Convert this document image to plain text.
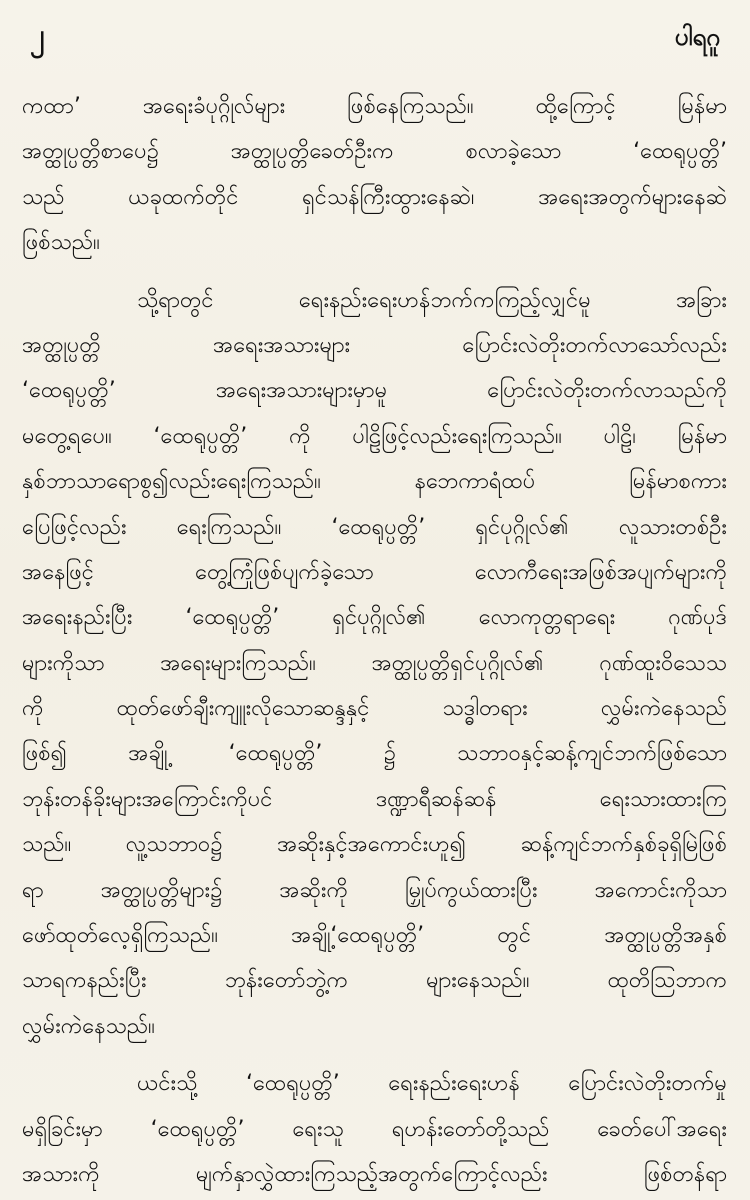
၂	ပါရဂူ
ကထာ’ အရေးခံပုဂ္ဂိုလ်များ ဖြစ်နေကြသည်။ ထို့ကြောင့် မြန်မာ
အတ္ထုပ္ပတ္တိစာပေ၌ အတ္ထုပ္ပတ္တိခေတ်ဦးက စလာခဲ့သော ‘ထေရုပ္ပတ္တိ’
သည် ယခုထက်တိုင် ရှင်သန်ကြီးထွားနေဆဲ၊ အရေးအတွက်များနေဆဲ
ဖြစ်သည်။
သို့ရာတွင် ရေးနည်းရေးဟန်ဘက်ကကြည့်လျှင်မူ အခြား
အတ္ထုပ္ပတ္တိ အရေးအသားများ ပြောင်းလဲတိုးတက်လာသော်လည်း
‘ထေရုပ္ပတ္တိ’ အရေးအသားများမှာမူ ပြောင်းလဲတိုးတက်လာသည်ကို
မတွေ့ရပေ။ ‘ထေရုပ္ပတ္တိ’ ကို ပါဠိဖြင့်လည်းရေးကြသည်။ ပါဠိ၊ မြန်မာ
နှစ်ဘာသာရောစွ၍လည်းရေးကြသည်။ နဘေကာရံထပ် မြန်မာစကား
ပြေဖြင့်လည်း ရေးကြသည်။ ‘ထေရုပ္ပတ္တိ’ ရှင်ပုဂ္ဂိုလ်၏ လူသားတစ်ဦး
အနေဖြင့် တွေ့ကြုံဖြစ်ပျက်ခဲ့သော လောကီရေးအဖြစ်အပျက်များကို
အရေးနည်းပြီး ‘ထေရုပ္ပတ္တိ’ ရှင်ပုဂ္ဂိုလ်၏ လောကုတ္တရာရေး ဂုဏ်ပုဒ်
များကိုသာ အရေးများကြသည်။ အတ္ထုပ္ပတ္တိရှင်ပုဂ္ဂိုလ်၏ ဂုဏ်ထူးဝိသေသ
ကို ထုတ်ဖော်ချီးကျူးလိုသောဆန္ဒနှင့် သဒ္ဓါတရား လွှမ်းကဲနေသည်
ဖြစ်၍ အချို့ ‘ထေရုပ္ပတ္တိ’ ၌ သဘာဝနှင့်ဆန့်ကျင်ဘက်ဖြစ်သော
ဘုန်းတန်ခိုးများအကြောင်းကိုပင် ဒဏ္ဍာရီဆန်ဆန် ရေးသားထားကြ
သည်။ လူ့သဘာဝ၌ အဆိုးနှင့်အကောင်းဟူ၍ ဆန့်ကျင်ဘက်နှစ်ခုရှိမြဲဖြစ်
ရာ အတ္ထုပ္ပတ္တိများ၌ အဆိုးကို မြှုပ်ကွယ်ထားပြီး အကောင်းကိုသာ
ဖော်ထုတ်လေ့ရှိကြသည်။ အချို့‘ထေရုပ္ပတ္တိ’ တွင် အတ္ထုပ္ပတ္တိအနှစ်
သာရကနည်းပြီး ဘုန်းတော်ဘွဲ့က များနေသည်။ ထုတိသြဘာက
လွှမ်းကဲနေသည်။
ယင်းသို့ ‘ထေရုပ္ပတ္တိ’ ရေးနည်းရေးဟန် ပြောင်းလဲတိုးတက်မှု
မရှိခြင်းမှာ ‘ထေရုပ္ပတ္တိ’ ရေးသူ ရဟန်းတော်တို့သည် ခေတ်ပေါ်အရေး
အသားကို မျက်နှာလွှဲထားကြသည့်အတွက်ကြောင့်လည်း ဖြစ်တန်ရာ
